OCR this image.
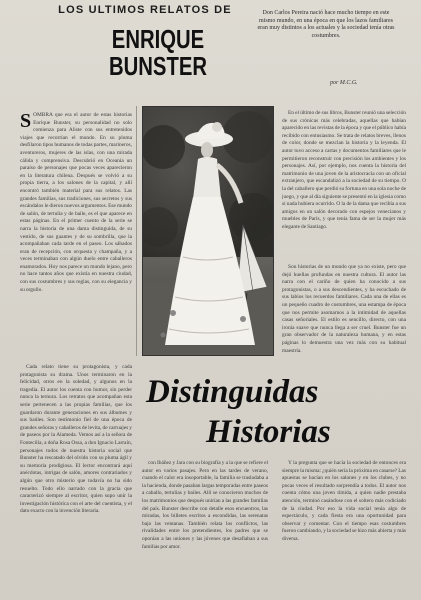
LOS ULTIMOS RELATOS DE
ENRIQUE
BUNSTER
Don Carlos Pereira nació hace mucho tiempo en este mismo mundo, en una época en que los lazos familiares eran muy distintos a los actuales y la sociedad tenía otras costumbres.
por M.C.G.

SOMBRA que era el autor de estas historias Enrique Bunster, su personalidad no solo comienza para Aliste con sus entretenidos viajes que recorrían el mundo. En su pluma desfilaron tipos humanos de todas partes, marineros, aventureros, mujeres de las islas, con una mirada cálida y comprensiva. Descubrió en Oceanía un paraíso de personajes que pocas veces aparecieron en la literatura chilena. Después se volvió a su propia tierra, a los salones de la capital, y allí encontró también material para sus relatos. Las grandes familias, sus tradiciones, sus secretos y sus escándalos le dieron nuevos argumentos. Ese mundo de salón, de tertulia y de baile, es el que aparece en estas páginas. En el primer cuento de la serie se narra la historia de una dama distinguida, de su vestido, de sus guantes y de su sombrilla, que la acompañaban cada tarde en el paseo. Los sábados eran de recepción, con orquesta y champaña, y a veces terminaban con algún duelo entre caballeros enamorados. Hoy nos parece un mundo lejano, pero no hace tantos años que existía en nuestra ciudad, con sus costumbres y sus reglas, con su elegancia y su orgullo.

Cada relato tiene su protagonista, y cada protagonista su drama. Unos terminaron en la felicidad, otros en la soledad, y algunos en la tragedia. El autor los cuenta con humor, sin perder nunca la ternura. Los retratos que acompañan esta serie pertenecen a las propias familias, que los guardaron durante generaciones en sus álbumes y sus baúles. Son testimonio fiel de una época de grandes señoras y caballeros de levita, de carruajes y de paseos por la Alameda. Vemos así a la señora de Fontecilla, a doña Rosa Ossa, a don Ignacio Larraín, personajes todos de nuestra historia social que Bunster ha rescatado del olvido con su pluma ágil y su memoria prodigiosa. El lector encontrará aquí anécdotas, intrigas de salón, amores contrariados y algún que otro misterio que todavía no ha sido resuelto. Todo ello narrado con la gracia que caracterizó siempre al escritor, quien supo unir la investigación histórica con el arte del cuentista, y el dato exacto con la invención literaria.

En el último de sus libros, Bunster reunió una selección de sus crónicas más celebradas, aquellas que habían aparecido en las revistas de la época y que el público había recibido con entusiasmo. Se trata de relatos breves, llenos de color, donde se mezclan la historia y la leyenda. El autor tuvo acceso a cartas y documentos familiares que le permitieron reconstruir con precisión los ambientes y los personajes. Así, por ejemplo, nos cuenta la historia del matrimonio de una joven de la aristocracia con un oficial extranjero, que escandalizó a la sociedad de su tiempo. O la del caballero que perdió su fortuna en una sola noche de juego, y que al día siguiente se presentó en la iglesia como si nada hubiera ocurrido. O la de la dama que recibía a sus amigos en un salón decorado con espejos venecianos y muebles de París, y que tenía fama de ser la mujer más elegante de Santiago.

Son historias de un mundo que ya no existe, pero que dejó huellas profundas en nuestra cultura. El autor las narra con el cariño de quien ha conocido a sus protagonistas, o a sus descendientes, y ha escuchado de sus labios los recuerdos familiares. Cada una de ellas es un pequeño cuadro de costumbres, una estampa de época que nos permite asomarnos a la intimidad de aquellas casas señoriales. El estilo es sencillo, directo, con una ironía suave que nunca llega a ser cruel. Bunster fue un gran observador de la naturaleza humana, y en estas páginas lo demuestra una vez más con su habitual maestría.

Distinguidas
Historias

con Ibáñez y Jara con su biografía y a la que se refiere el autor en varios pasajes. Pero en las tardes de verano, cuando el calor era insoportable, la familia se trasladaba a la hacienda, donde pasaban largas temporadas entre paseos a caballo, tertulias y bailes. Allí se conocieron muchos de los matrimonios que después unirían a las grandes familias del país. Bunster describe con detalle esos encuentros, las miradas, los billetes escritos a escondidas, las serenatas bajo las ventanas. También relata los conflictos, las rivalidades entre los pretendientes, los padres que se oponían a las uniones y las jóvenes que desafiaban a sus familias por amor.

Y la pregunta que se hacía la sociedad de entonces era siempre la misma: ¿quién sería la próxima en casarse? Las apuestas se hacían en los salones y en los clubes, y no pocas veces el resultado sorprendía a todos. El autor nos cuenta cómo una joven tímida, a quien nadie prestaba atención, terminó casándose con el soltero más codiciado de la ciudad. Por eso la vida social tenía algo de espectáculo, y cada fiesta era una oportunidad para observar y comentar. Con el tiempo esas costumbres fueron cambiando, y la sociedad se hizo más abierta y más diversa.
